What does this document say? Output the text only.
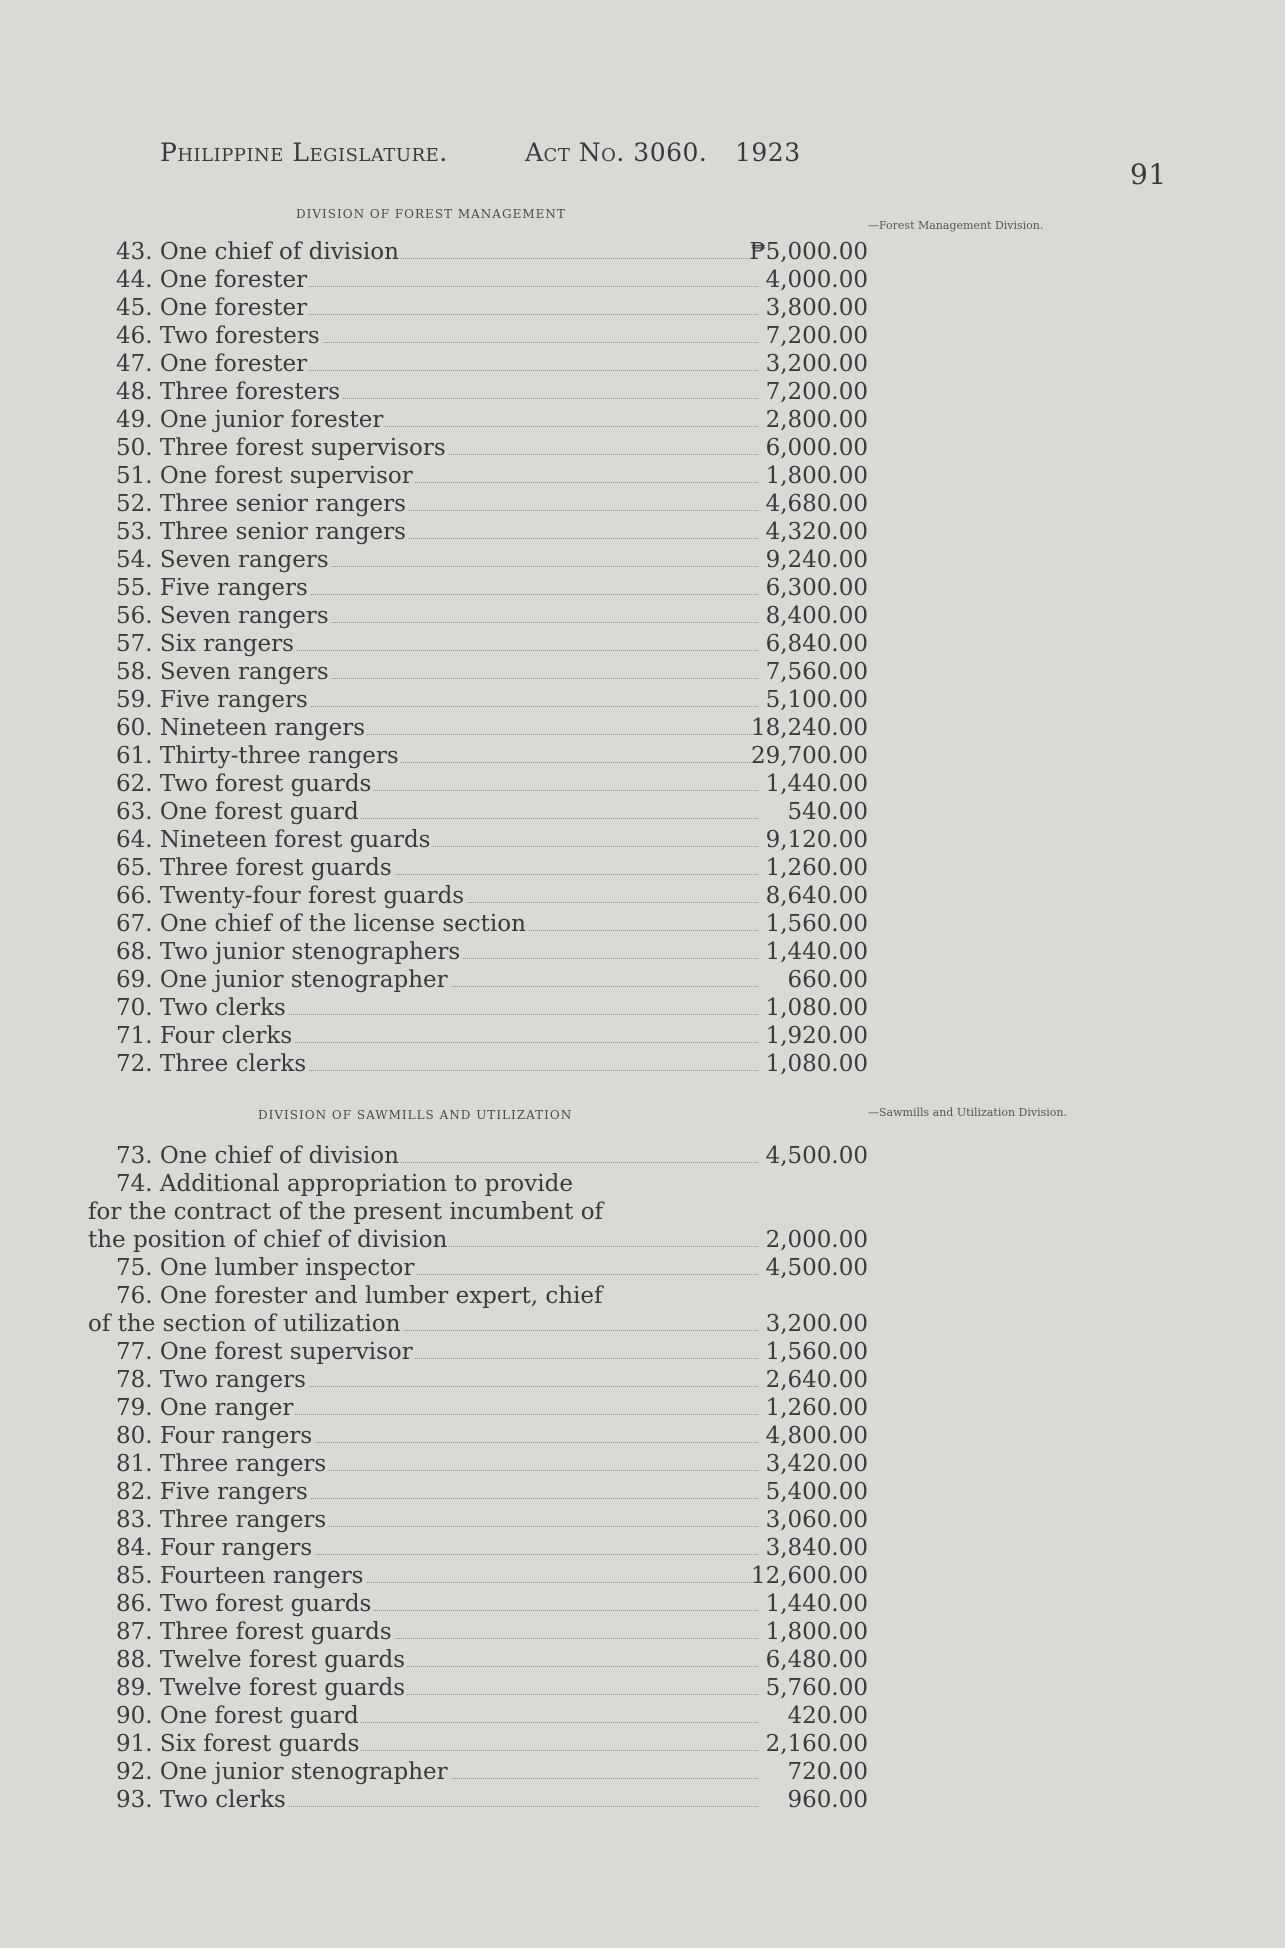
Philippine Legislature.	Act No. 3060. 1923
91
DIVISION OF FOREST MANAGEMENT
—Forest Management Division.
43. One chief of division	₱5,000.00
44. One forester	4,000.00
45. One forester	3,800.00
46. Two foresters	7,200.00
47. One forester	3,200.00
48. Three foresters	7,200.00
49. One junior forester	2,800.00
50. Three forest supervisors	6,000.00
51. One forest supervisor	1,800.00
52. Three senior rangers	4,680.00
53. Three senior rangers	4,320.00
54. Seven rangers	9,240.00
55. Five rangers	6,300.00
56. Seven rangers	8,400.00
57. Six rangers	6,840.00
58. Seven rangers	7,560.00
59. Five rangers	5,100.00
60. Nineteen rangers	18,240.00
61. Thirty-three rangers	29,700.00
62. Two forest guards	1,440.00
63. One forest guard	540.00
64. Nineteen forest guards	9,120.00
65. Three forest guards	1,260.00
66. Twenty-four forest guards	8,640.00
67. One chief of the license section	1,560.00
68. Two junior stenographers	1,440.00
69. One junior stenographer	660.00
70. Two clerks	1,080.00
71. Four clerks	1,920.00
72. Three clerks	1,080.00
DIVISION OF SAWMILLS AND UTILIZATION	—Sawmills and Utilization Division.
73. One chief of division	4,500.00
74. Additional appropriation to provide
for the contract of the present incumbent of
the position of chief of division	2,000.00
75. One lumber inspector	4,500.00
76. One forester and lumber expert, chief
of the section of utilization	3,200.00
77. One forest supervisor	1,560.00
78. Two rangers	2,640.00
79. One ranger	1,260.00
80. Four rangers	4,800.00
81. Three rangers	3,420.00
82. Five rangers	5,400.00
83. Three rangers	3,060.00
84. Four rangers	3,840.00
85. Fourteen rangers	12,600.00
86. Two forest guards	1,440.00
87. Three forest guards	1,800.00
88. Twelve forest guards	6,480.00
89. Twelve forest guards	5,760.00
90. One forest guard	420.00
91. Six forest guards	2,160.00
92. One junior stenographer	720.00
93. Two clerks	960.00
